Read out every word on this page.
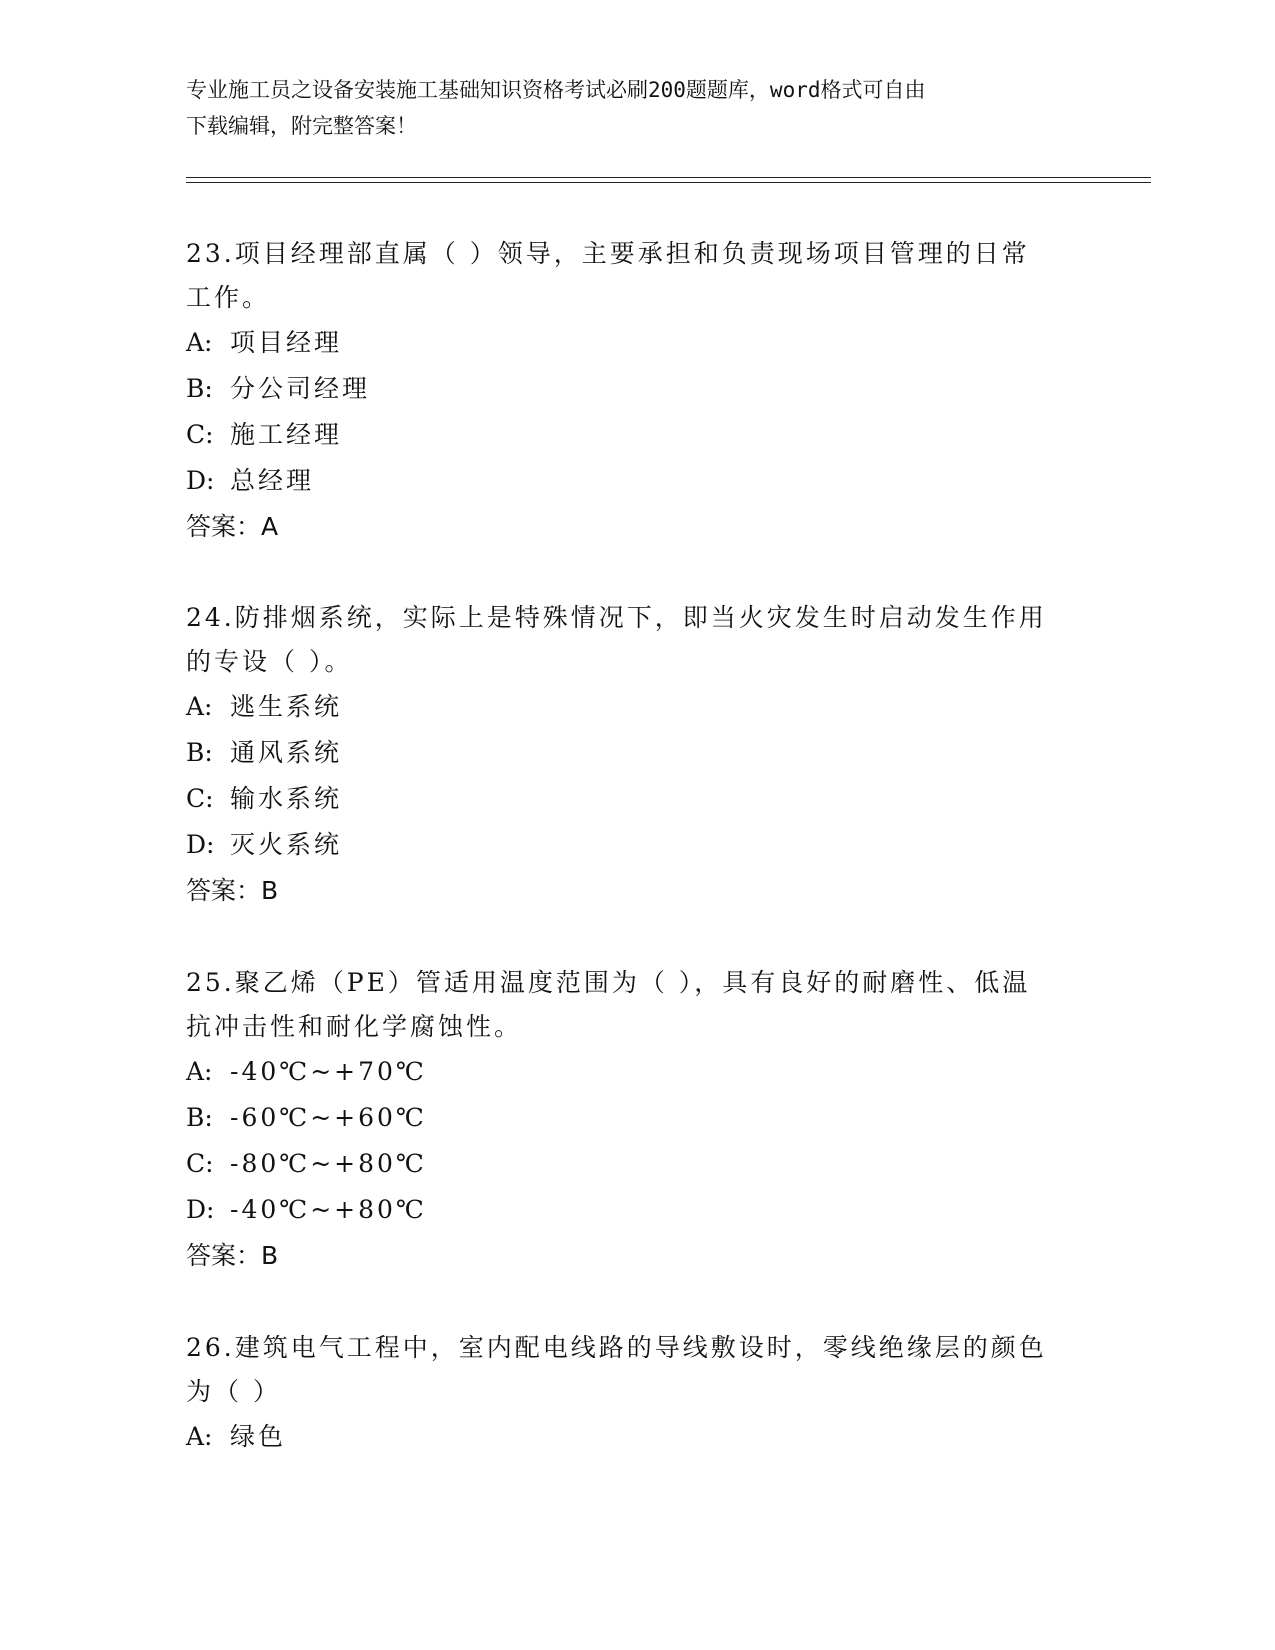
专业施工员之设备安装施工基础知识资格考试必刷200题题库，word格式可自由
下载编辑，附完整答案！

23.项目经理部直属（ ）领导，主要承担和负责现场项目管理的日常
工作。

A: 项目经理

B: 分公司经理

C: 施工经理

D: 总经理

答案：A

24.防排烟系统，实际上是特殊情况下，即当火灾发生时启动发生作用
的专设（ ）。

A: 逃生系统

B: 通风系统

C: 输水系统

D: 灭火系统

答案：B

25.聚乙烯（PE）管适用温度范围为（ ），具有良好的耐磨性、低温
抗冲击性和耐化学腐蚀性。

A: -40℃~+70℃

B: -60℃~+60℃

C: -80℃~+80℃

D: -40℃~+80℃

答案：B

26.建筑电气工程中，室内配电线路的导线敷设时，零线绝缘层的颜色
为（ ）

A: 绿色
